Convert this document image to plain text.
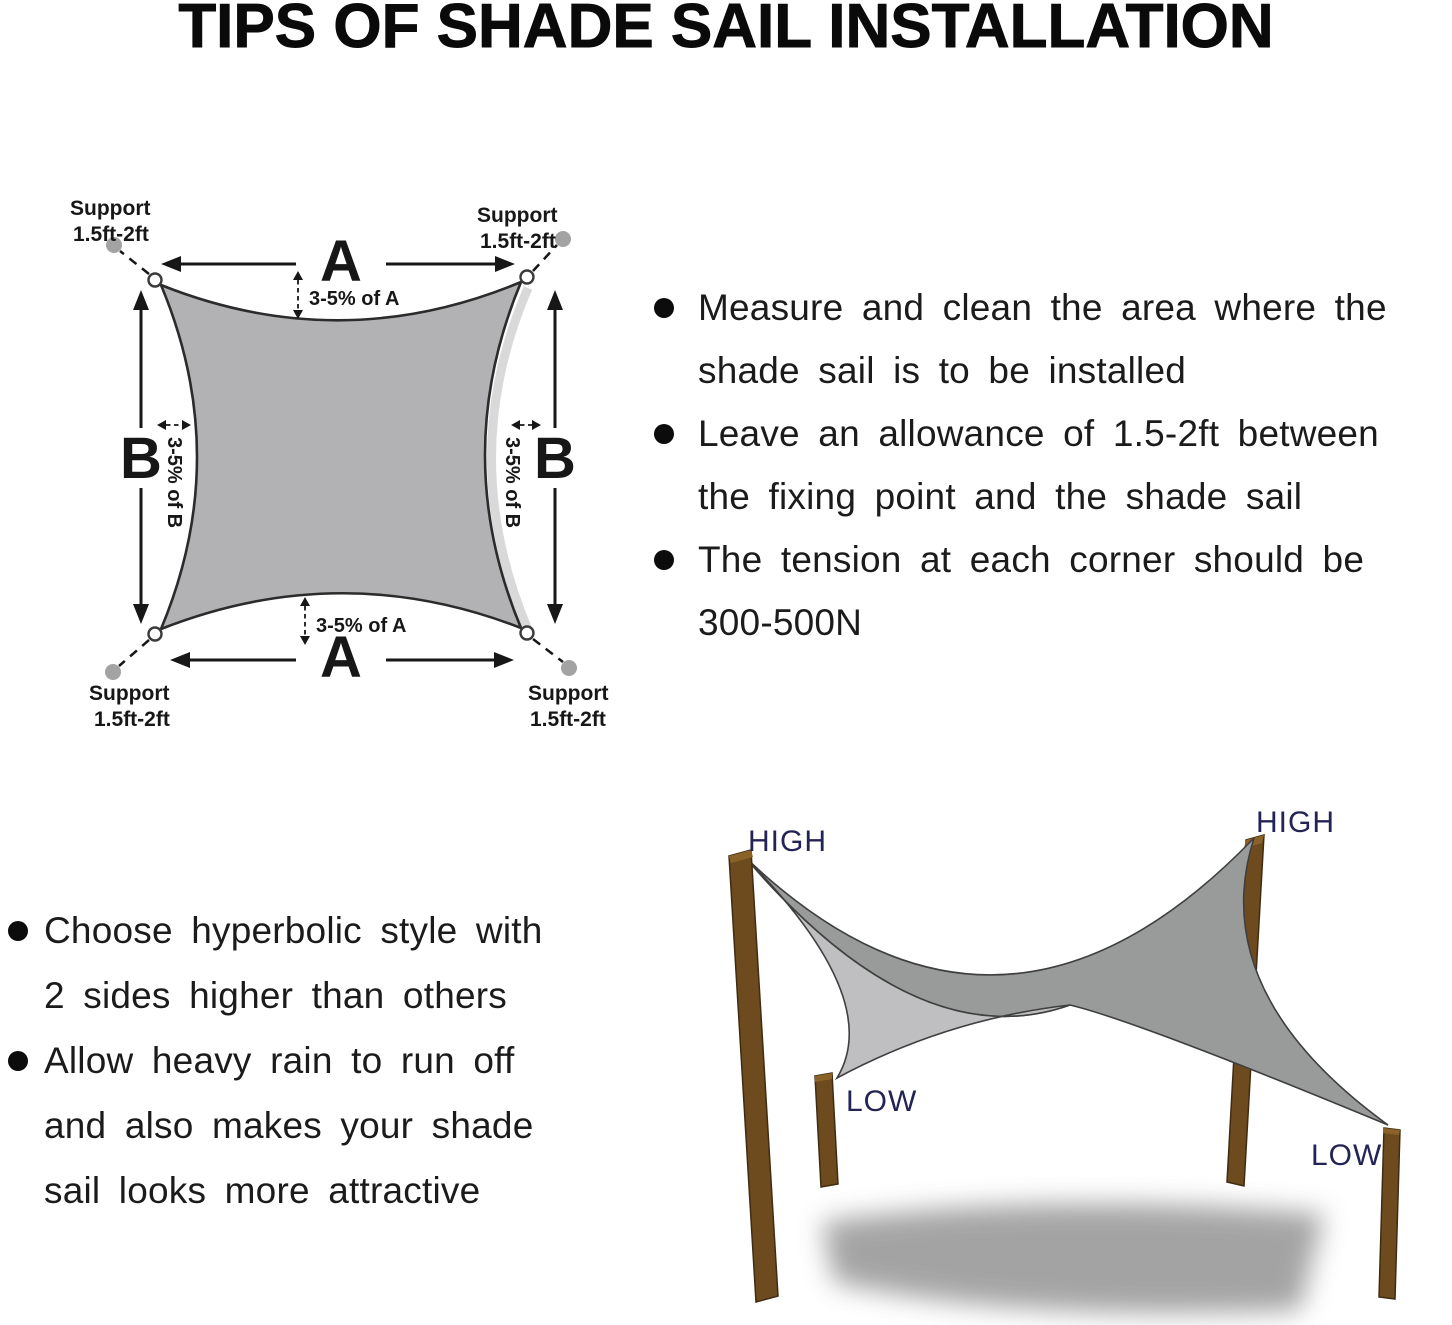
TIPS OF SHADE SAIL INSTALLATION
Support
1.5ft-2ft
Support
1.5ft-2ft
Support
1.5ft-2ft
Support
1.5ft-2ft
A
3-5% of A
A
3-5% of A
B 3-5% of B	B
3-5% of B
Measure and clean the area where the
shade sail is to be installed
Leave an allowance of 1.5-2ft between
the fixing point and the shade sail
The tension at each corner should be
300-500N
Choose hyperbolic style with
2 sides higher than others
Allow heavy rain to run off
and also makes your shade
sail looks more attractive
HIGH
HIGH
LOW
LOW
